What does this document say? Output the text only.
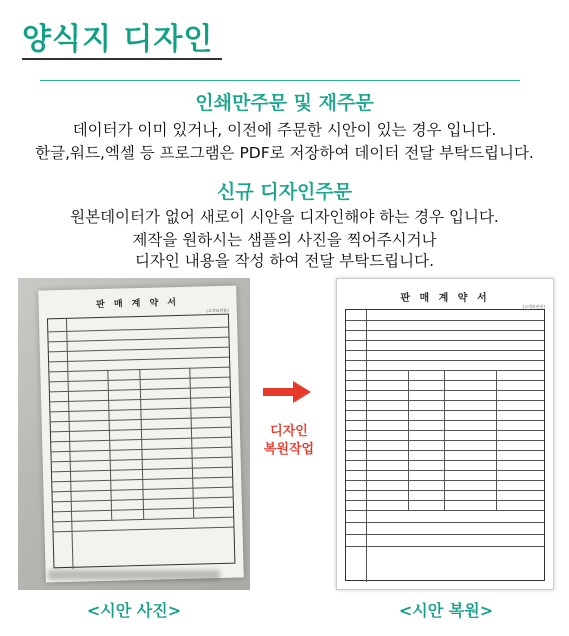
양식지 디자인
인쇄만주문 및 재주문
데이터가 이미 있거나, 이전에 주문한 시안이 있는 경우 입니다.
한글,워드,엑셀 등 프로그램은 PDF로 저장하여 데이터 전달 부탁드립니다.
신규 디자인주문
원본데이터가 없어 새로이 시안을 디자인해야 하는 경우 입니다.
제작을 원하시는 샘플의 사진을 찍어주시거나
디자인 내용을 작성 하여 전달 부탁드립니다.
판 매 계 약 서
(고객보관용)
디자인
복원작업
판 매 계 약 서
(고객보관용)
<시안 사진>	<시안 복원>
